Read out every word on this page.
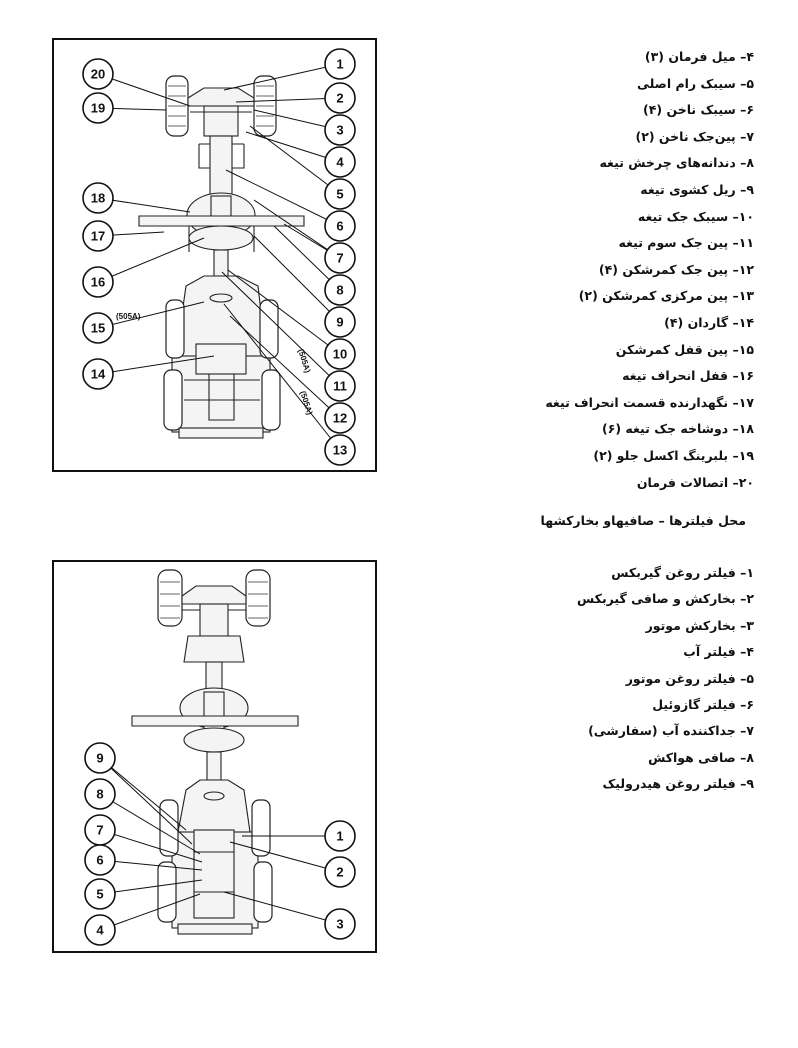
(505A)
(505A)
(505A)
1
2
3
4
5
6
7
8
9
10
11
12
13
20
19
18
17
16
15
14
۴– میل فرمان (۳)
۵– سیبک رام اصلی
۶– سیبک ناخن (۴)
۷– پین‌جک ناخن (۲)
۸– دندانه‌های چرخش تیغه
۹– ریل کشوی تیغه
۱۰– سیبک جک تیغه
۱۱– پین جک سوم تیغه
۱۲– پین جک کمرشکن (۴)
۱۳– پین مرکزی کمرشکن (۲)
۱۴– گاردان (۴)
۱۵– پین قفل کمرشکن
۱۶– قفل انحراف تیغه
۱۷– نگهدارنده قسمت انحراف تیغه
۱۸– دوشاخه جک تیغه (۶)
۱۹– بلبرینگ اکسل جلو (۲)
۲۰– اتصالات فرمان
محل فیلترها – صافیهاو بخارکشها
1
2
3
9
8
7
6
5
4
۱– فیلتر روغن گیربکس
۲– بخارکش و صافی گیربکس
۳– بخارکش موتور
۴– فیلتر آب
۵– فیلتر روغن موتور
۶– فیلتر گازوئیل
۷– جداکننده آب (سفارشی)
۸– صافی هواکش
۹– فیلتر روغن هیدرولیک
